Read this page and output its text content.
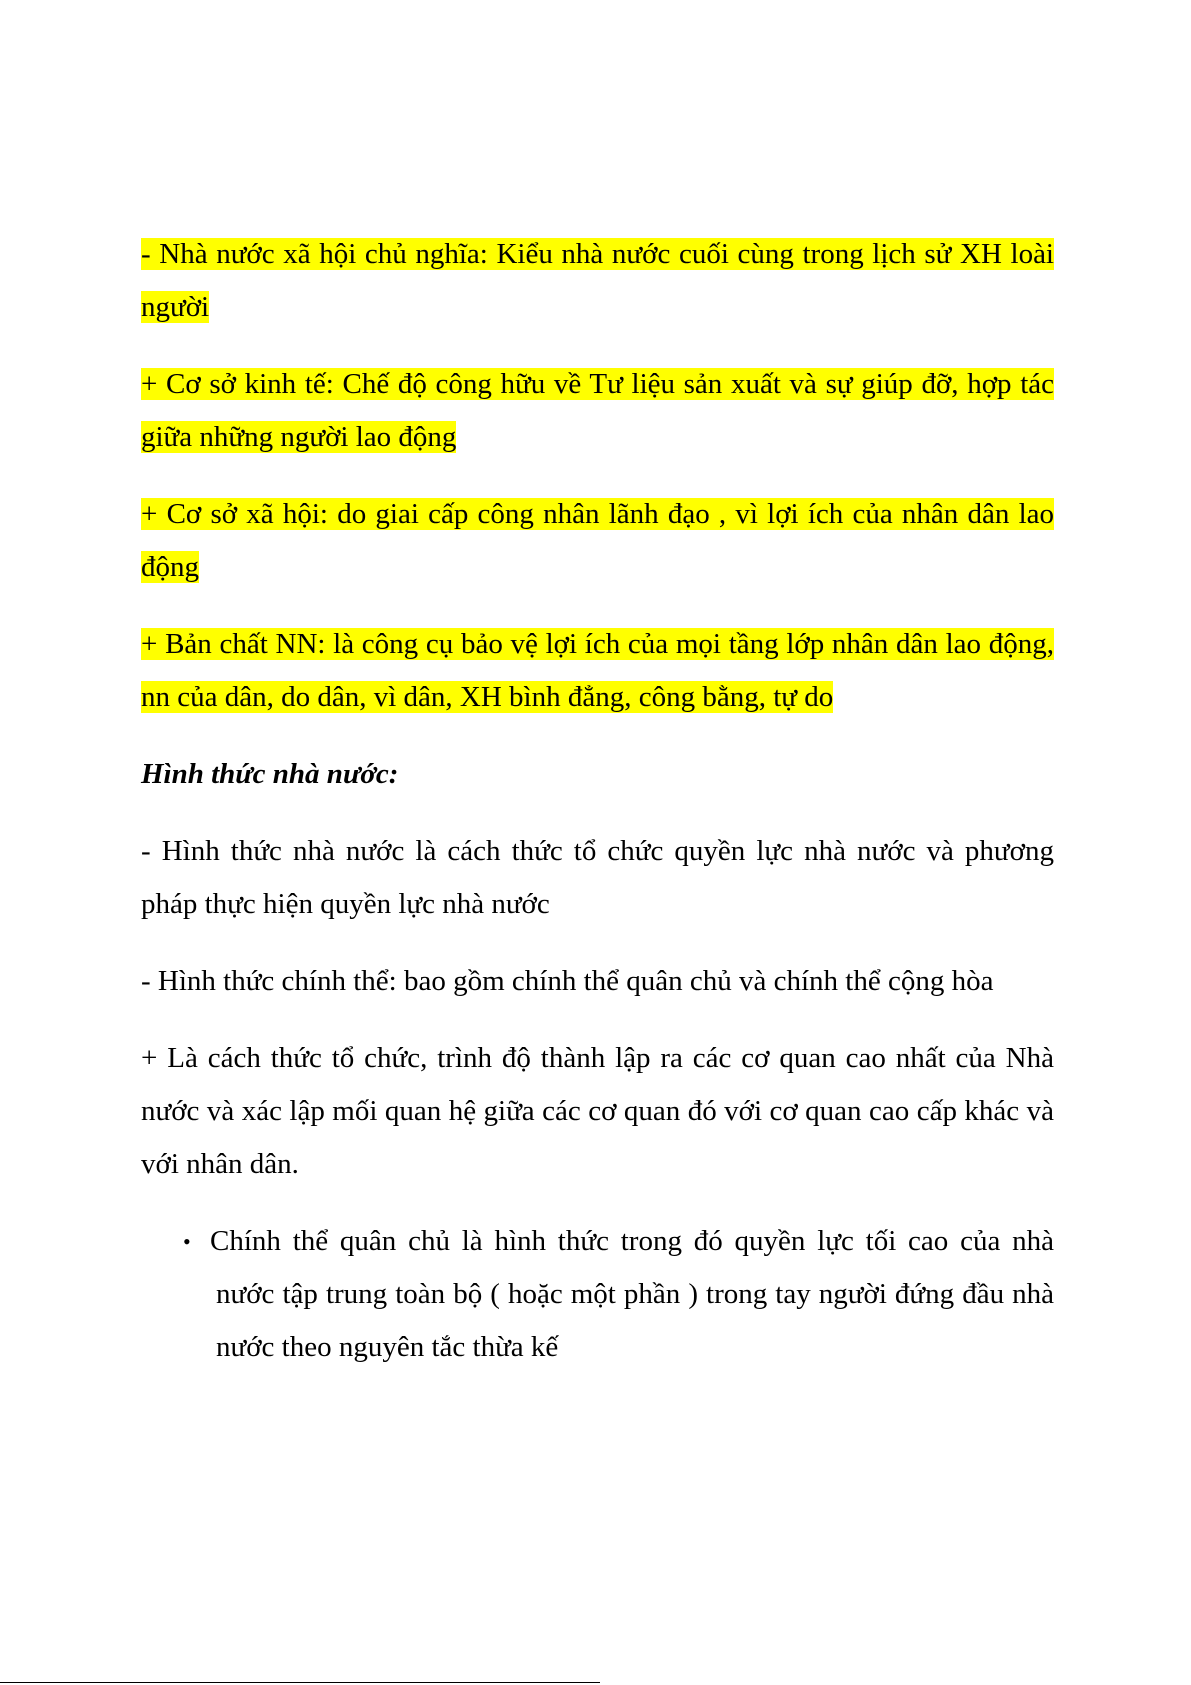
- Nhà nước xã hội chủ nghĩa: Kiểu nhà nước cuối cùng trong lịch sử XH loài người

+ Cơ sở kinh tế: Chế độ công hữu về Tư liệu sản xuất và sự giúp đỡ, hợp tác giữa những người lao động

+ Cơ sở xã hội: do giai cấp công nhân lãnh đạo , vì lợi ích của nhân dân lao động

+ Bản chất NN: là công cụ bảo vệ lợi ích của mọi tầng lớp nhân dân lao động, nn của dân, do dân, vì dân, XH bình đẳng, công bằng, tự do

Hình thức nhà nước:

- Hình thức nhà nước là cách thức tổ chức quyền lực nhà nước và phương pháp thực hiện quyền lực nhà nước

- Hình thức chính thể: bao gồm chính thể quân chủ và chính thể cộng hòa

+ Là cách thức tổ chức, trình độ thành lập ra các cơ quan cao nhất của Nhà nước và xác lập mối quan hệ giữa các cơ quan đó với cơ quan cao cấp khác và với nhân dân.

• Chính thể quân chủ là hình thức trong đó quyền lực tối cao của nhà nước tập trung toàn bộ ( hoặc một phần ) trong tay người đứng đầu nhà nước theo nguyên tắc thừa kế
